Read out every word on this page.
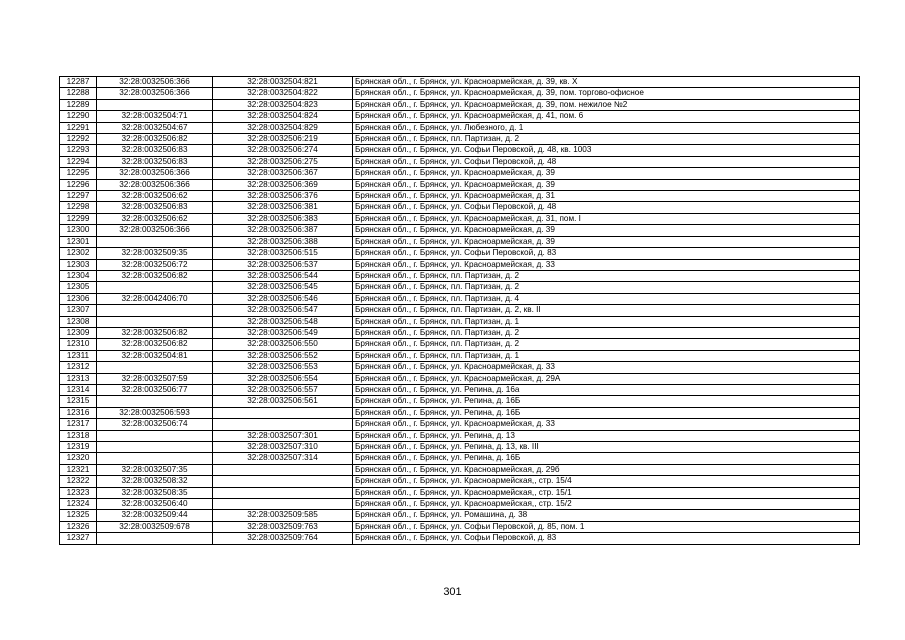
12287	32:28:0032506:366	32:28:0032504:821	Брянская обл., г. Брянск, ул. Красноармейская, д. 39, кв. X
12288	32:28:0032506:366	32:28:0032504:822	Брянская обл., г. Брянск, ул. Красноармейская, д. 39, пом. торгово-офисное
12289		32:28:0032504:823	Брянская обл., г. Брянск, ул. Красноармейская, д. 39, пом. нежилое №2
12290	32:28:0032504:71	32:28:0032504:824	Брянская обл., г. Брянск, ул. Красноармейская, д. 41, пом. 6
12291	32:28:0032504:67	32:28:0032504:829	Брянская обл., г. Брянск, ул. Любезного, д. 1
12292	32:28:0032506:82	32:28:0032506:219	Брянская обл., г. Брянск, пл. Партизан, д. 2
12293	32:28:0032506:83	32:28:0032506:274	Брянская обл., г. Брянск, ул. Софьи Перовской, д. 48, кв. 1003
12294	32:28:0032506:83	32:28:0032506:275	Брянская обл., г. Брянск, ул. Софьи Перовской, д. 48
12295	32:28:0032506:366	32:28:0032506:367	Брянская обл., г. Брянск, ул. Красноармейская, д. 39
12296	32:28:0032506:366	32:28:0032506:369	Брянская обл., г. Брянск, ул. Красноармейская, д. 39
12297	32:28:0032506:62	32:28:0032506:376	Брянская обл., г. Брянск, ул. Красноармейская, д. 31
12298	32:28:0032506:83	32:28:0032506:381	Брянская обл., г. Брянск, ул. Софьи Перовской, д. 48
12299	32:28:0032506:62	32:28:0032506:383	Брянская обл., г. Брянск, ул. Красноармейская, д. 31, пом. I
12300	32:28:0032506:366	32:28:0032506:387	Брянская обл., г. Брянск, ул. Красноармейская, д. 39
12301		32:28:0032506:388	Брянская обл., г. Брянск, ул. Красноармейская, д. 39
12302	32:28:0032509:35	32:28:0032506:515	Брянская обл., г. Брянск, ул. Софьи Перовской, д. 83
12303	32:28:0032506:72	32:28:0032506:537	Брянская обл., г. Брянск, ул. Красноармейская, д. 33
12304	32:28:0032506:82	32:28:0032506:544	Брянская обл., г. Брянск, пл. Партизан, д. 2
12305		32:28:0032506:545	Брянская обл., г. Брянск, пл. Партизан, д. 2
12306	32:28:0042406:70	32:28:0032506:546	Брянская обл., г. Брянск, пл. Партизан, д. 4
12307		32:28:0032506:547	Брянская обл., г. Брянск, пл. Партизан, д. 2, кв. II
12308		32:28:0032506:548	Брянская обл., г. Брянск, пл. Партизан, д. 1
12309	32:28:0032506:82	32:28:0032506:549	Брянская обл., г. Брянск, пл. Партизан, д. 2
12310	32:28:0032506:82	32:28:0032506:550	Брянская обл., г. Брянск, пл. Партизан, д. 2
12311	32:28:0032504:81	32:28:0032506:552	Брянская обл., г. Брянск, пл. Партизан, д. 1
12312		32:28:0032506:553	Брянская обл., г. Брянск, ул. Красноармейская, д. 33
12313	32:28:0032507:59	32:28:0032506:554	Брянская обл., г. Брянск, ул. Красноармейская, д. 29А
12314	32:28:0032506:77	32:28:0032506:557	Брянская обл., г. Брянск, ул. Репина, д. 16а
12315		32:28:0032506:561	Брянская обл., г. Брянск, ул. Репина, д. 16Б
12316	32:28:0032506:593		Брянская обл., г. Брянск, ул. Репина, д. 16Б
12317	32:28:0032506:74		Брянская обл., г. Брянск, ул. Красноармейская, д. 33
12318		32:28:0032507:301	Брянская обл., г. Брянск, ул. Репина, д. 13
12319		32:28:0032507:310	Брянская обл., г. Брянск, ул. Репина, д. 13, кв. III
12320		32:28:0032507:314	Брянская обл., г. Брянск, ул. Репина, д. 16Б
12321	32:28:0032507:35		Брянская обл., г. Брянск, ул. Красноармейская, д. 29б
12322	32:28:0032508:32		Брянская обл., г. Брянск, ул. Красноармейская,, стр. 15/4
12323	32:28:0032508:35		Брянская обл., г. Брянск, ул. Красноармейская,, стр. 15/1
12324	32:28:0032506:40		Брянская обл., г. Брянск, ул. Красноармейская,, стр. 15/2
12325	32:28:0032509:44	32:28:0032509:585	Брянская обл., г. Брянск, ул. Ромашина, д. 38
12326	32:28:0032509:678	32:28:0032509:763	Брянская обл., г. Брянск, ул. Софьи Перовской, д. 85, пом. 1
12327		32:28:0032509:764	Брянская обл., г. Брянск, ул. Софьи Перовской, д. 83
301
